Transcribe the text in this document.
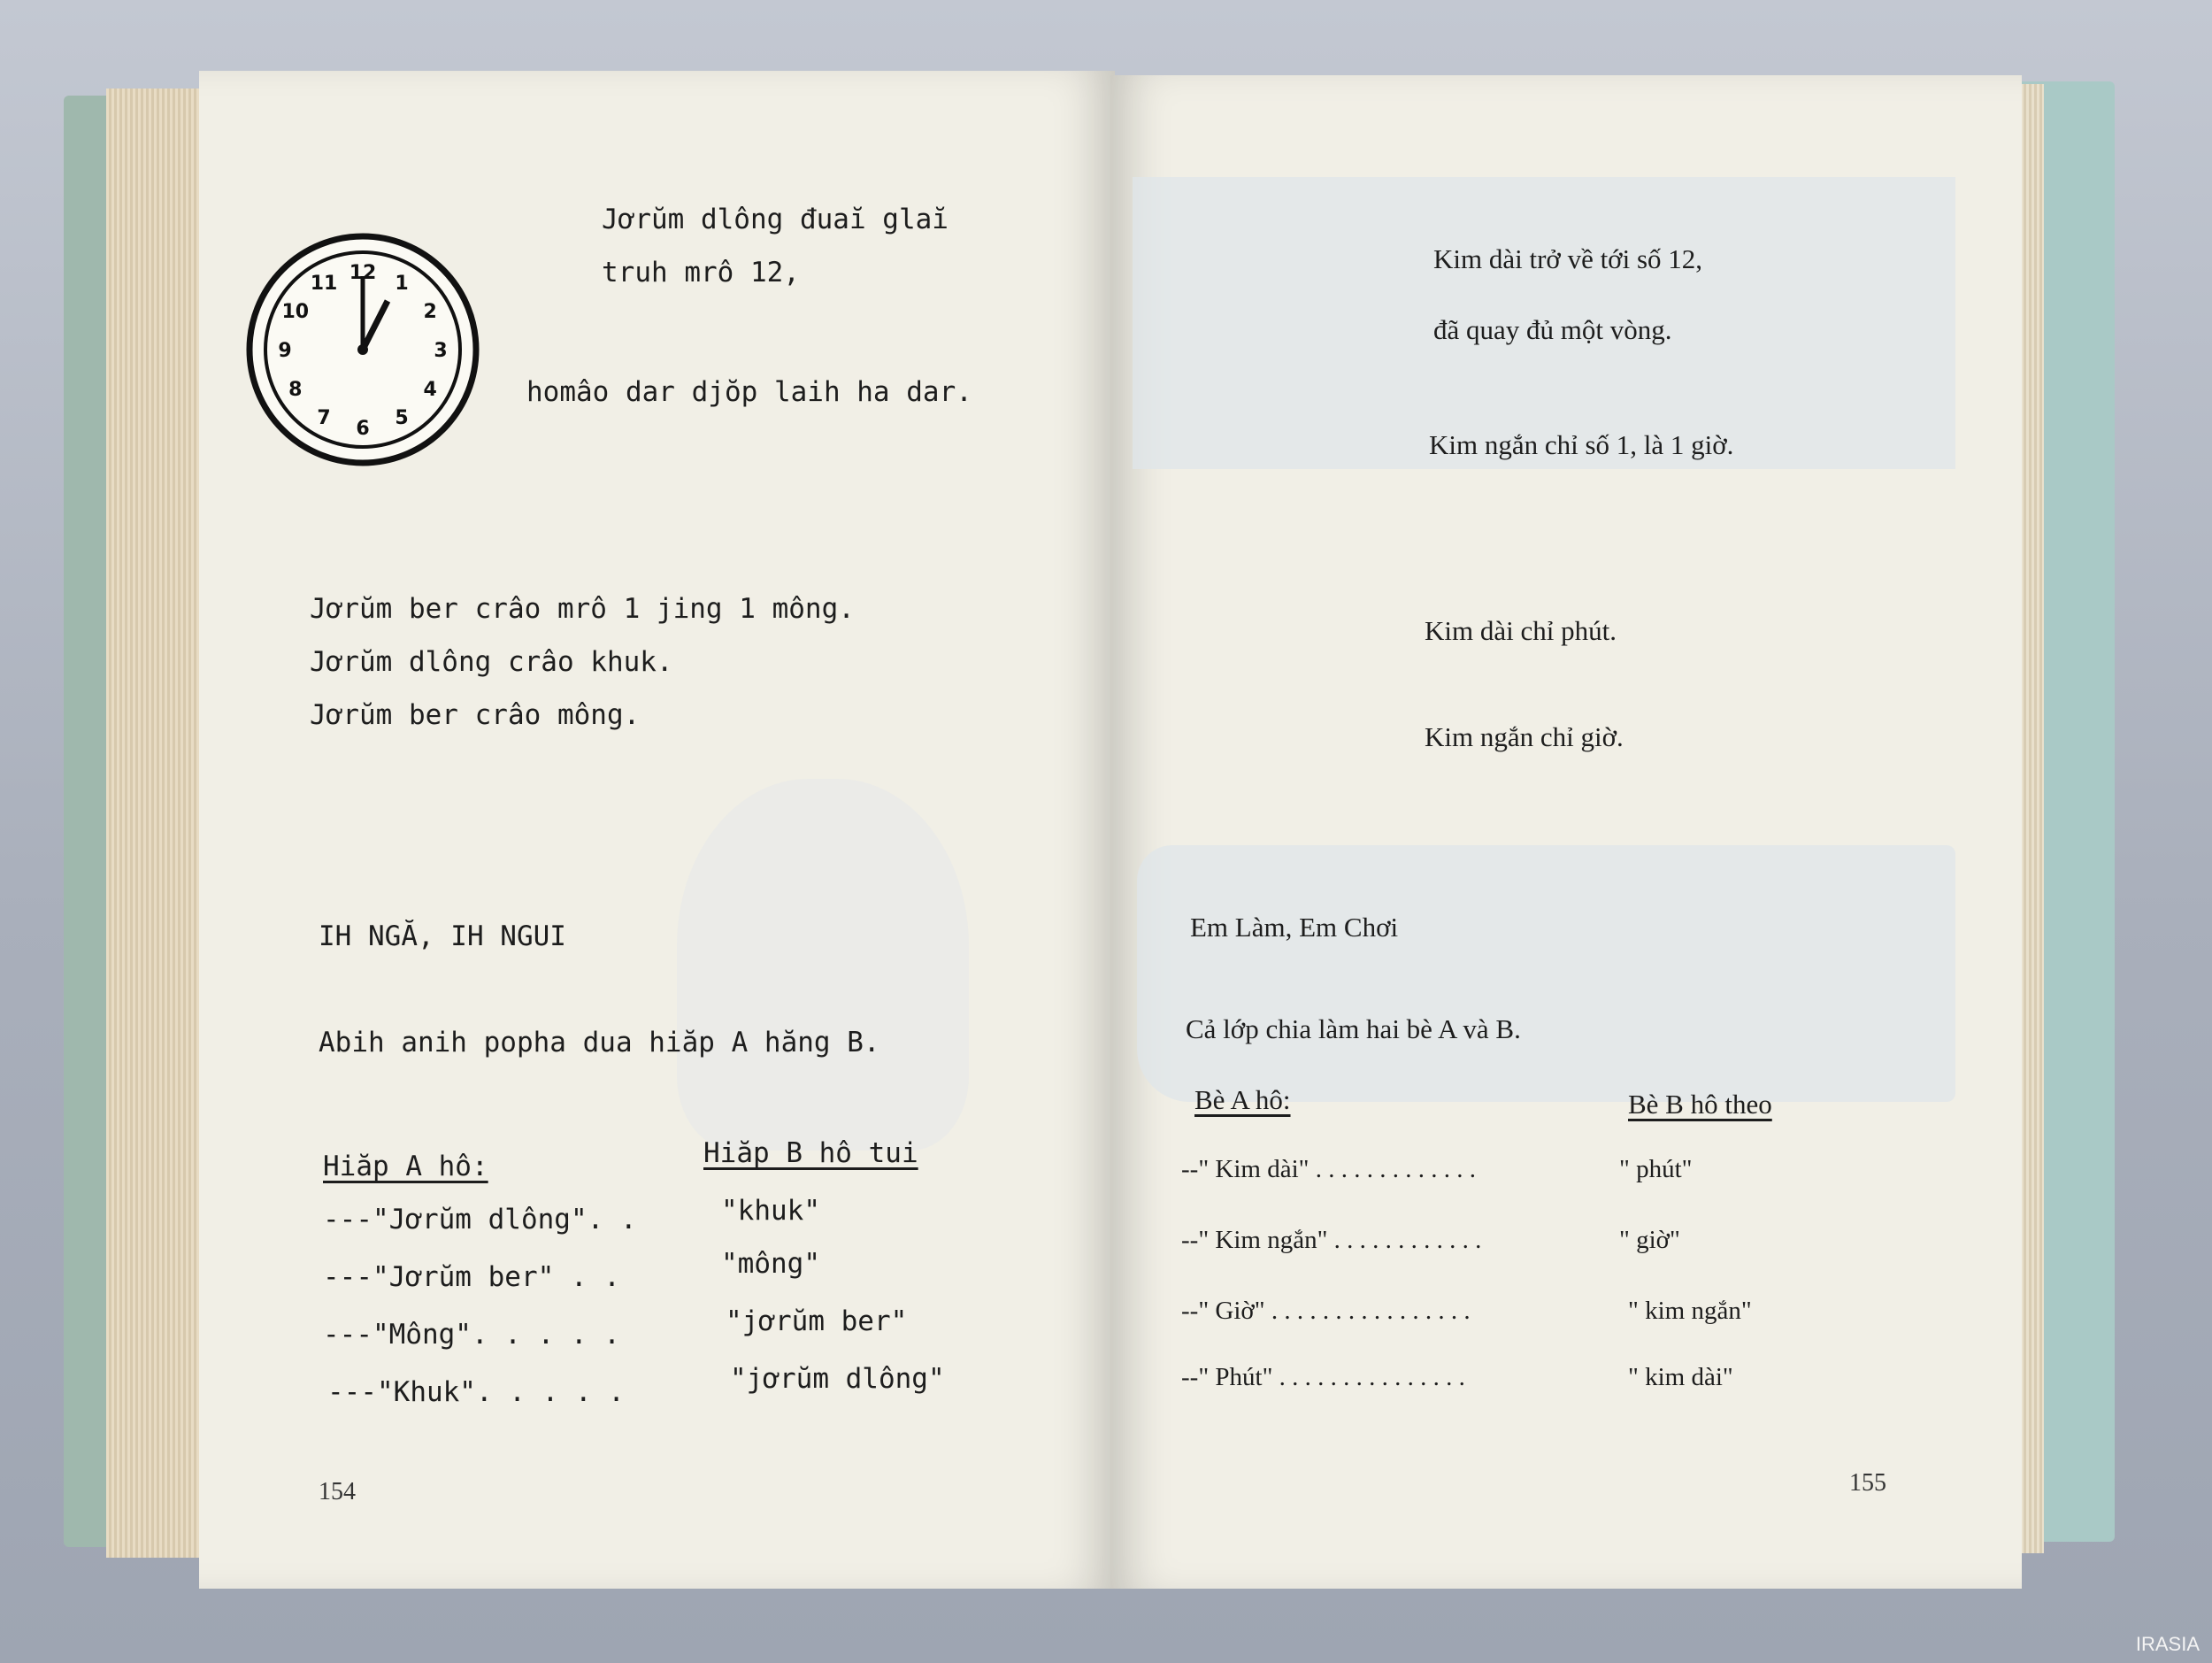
12 1
2
3
4
5
6
7
8
9
10
11
Jơrŭm dlông đuaĭ glaĭ
truh mrô 12,
homâo dar djŏp laih ha dar.
Jơrŭm ber crâo mrô 1 jing 1 mông.
Jơrŭm dlông crâo khuk.
Jơrŭm ber crâo mông.
IH NGĂ, IH NGUI
Abih anih popha dua hiăp A hăng B.
Hiăp A hô:	Hiăp B hô tui
---"Jơrŭm dlông". .	"khuk"
---"Jơrŭm ber" . .	"mông"
---"Mông". . . . .	"jơrŭm ber"
---"Khuk". . . . .	"jơrŭm dlông"
154
Kim dài trở về tới số 12,
đã quay đủ một vòng.
Kim ngắn chỉ số 1, là 1 giờ.
Kim dài chỉ phút.
Kim ngắn chỉ giờ.
Em Làm, Em Chơi
Cả lớp chia làm hai bè A và B.
Bè A hô:	Bè B hô theo
--" Kim dài" . . . . . . . . . . . . .	" phút"
--" Kim ngắn" . . . . . . . . . . . .	" giờ"
--" Giờ" . . . . . . . . . . . . . . . .	" kim ngắn"
--" Phút" . . . . . . . . . . . . . . .	" kim dài"
155
IRASIA
